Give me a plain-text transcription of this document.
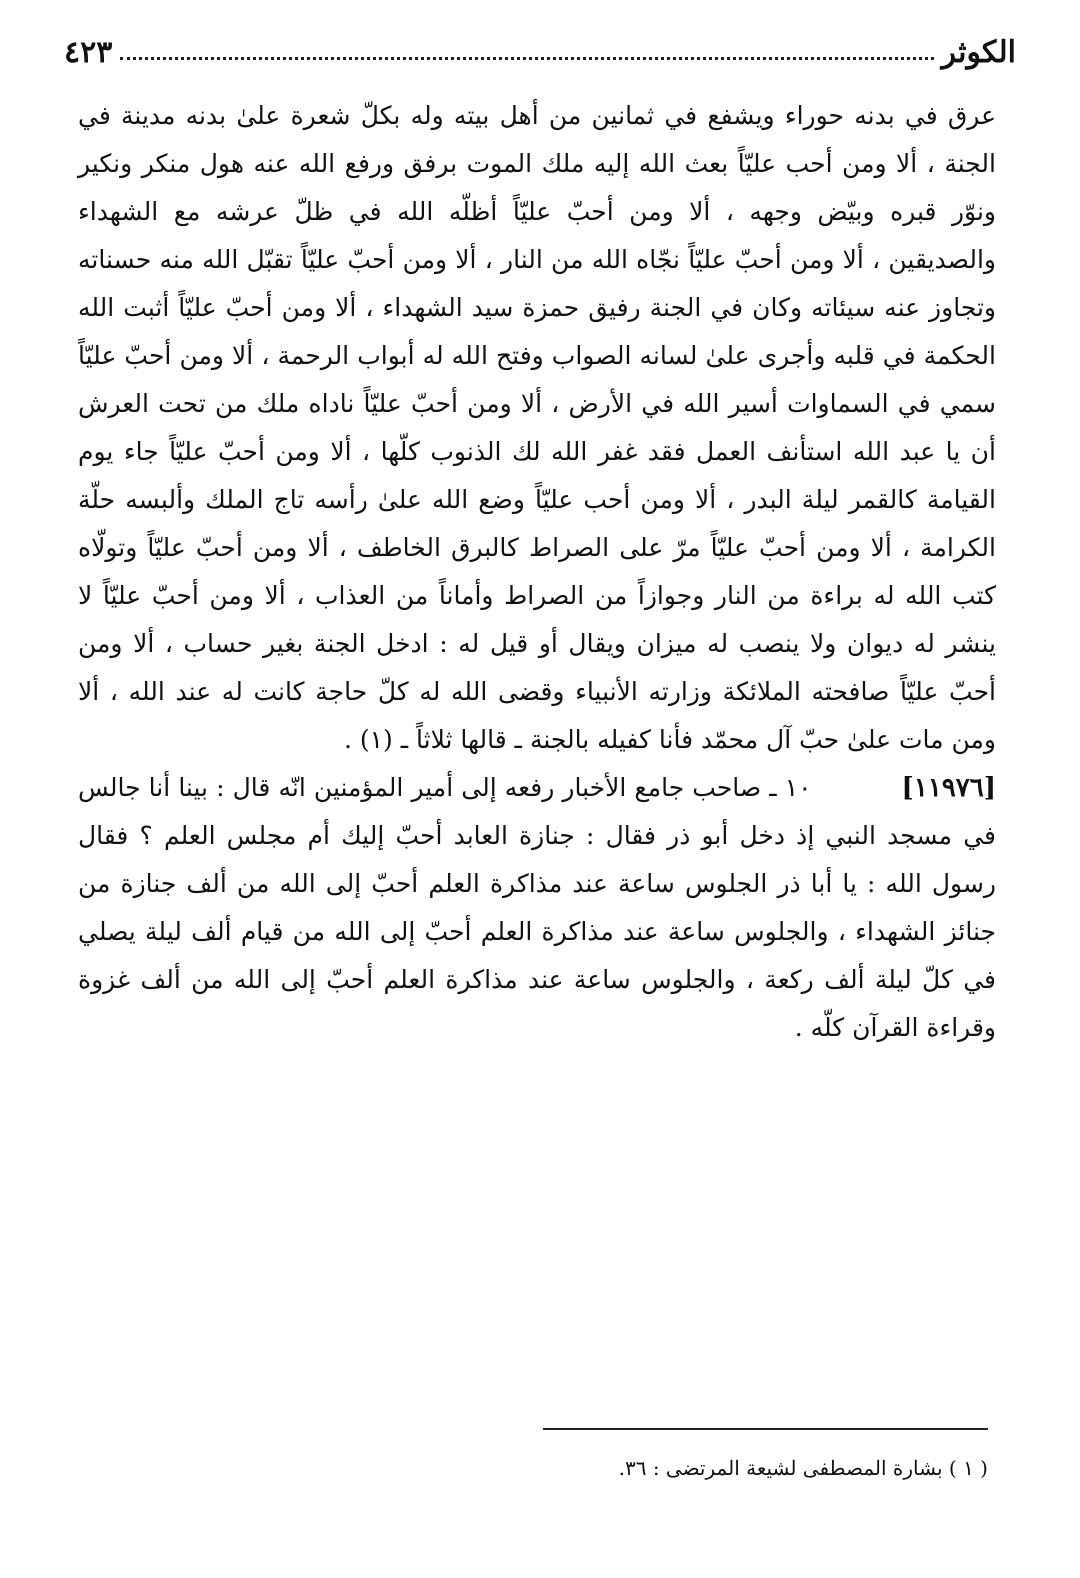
الكوثر
٤٢٣

عرق في بدنه حوراء ويشفع في ثمانين من أهل بيته وله بكلّ شعرة علىٰ بدنه مدينة في الجنة ، ألا ومن أحب عليّاً بعث الله إليه ملك الموت برفق ورفع الله عنه هول منكر ونكير ونوّر قبره وبيّض وجهه ، ألا ومن أحبّ عليّاً أظلّه الله في ظلّ عرشه مع الشهداء والصديقين ، ألا ومن أحبّ عليّاً نجّاه الله من النار ، ألا ومن أحبّ عليّاً تقبّل الله منه حسناته وتجاوز عنه سيئاته وكان في الجنة رفيق حمزة سيد الشهداء ، ألا ومن أحبّ عليّاً أثبت الله الحكمة في قلبه وأجرى علىٰ لسانه الصواب وفتح الله له أبواب الرحمة ، ألا ومن أحبّ عليّاً سمي في السماوات أسير الله في الأرض ، ألا ومن أحبّ عليّاً ناداه ملك من تحت العرش أن يا عبد الله استأنف العمل فقد غفر الله لك الذنوب كلّها ، ألا ومن أحبّ عليّاً جاء يوم القيامة كالقمر ليلة البدر ، ألا ومن أحب عليّاً وضع الله علىٰ رأسه تاج الملك وألبسه حلّة الكرامة ، ألا ومن أحبّ عليّاً مرّ على الصراط كالبرق الخاطف ، ألا ومن أحبّ عليّاً وتولّاه كتب الله له براءة من النار وجوازاً من الصراط وأماناً من العذاب ، ألا ومن أحبّ عليّاً لا ينشر له ديوان ولا ينصب له ميزان ويقال أو قيل له : ادخل الجنة بغير حساب ، ألا ومن أحبّ عليّاً صافحته الملائكة وزارته الأنبياء وقضى الله له كلّ حاجة كانت له عند الله ، ألا ومن مات علىٰ حبّ آل محمّد فأنا كفيله بالجنة ـ قالها ثلاثاً ـ (١) .

[١١٩٧٦]١٠ ـ صاحب جامع الأخبار رفعه إلى أمير المؤمنين انّه قال : بينا أنا جالس في مسجد النبي إذ دخل أبو ذر فقال : جنازة العابد أحبّ إليك أم مجلس العلم ؟ فقال رسول الله : يا أبا ذر الجلوس ساعة عند مذاكرة العلم أحبّ إلى الله من ألف جنازة من جنائز الشهداء ، والجلوس ساعة عند مذاكرة العلم أحبّ إلى الله من قيام ألف ليلة يصلي في كلّ ليلة ألف ركعة ، والجلوس ساعة عند مذاكرة العلم أحبّ إلى الله من ألف غزوة وقراءة القرآن كلّه .

( ١ ) بشارة المصطفى لشيعة المرتضى : ٣٦.
